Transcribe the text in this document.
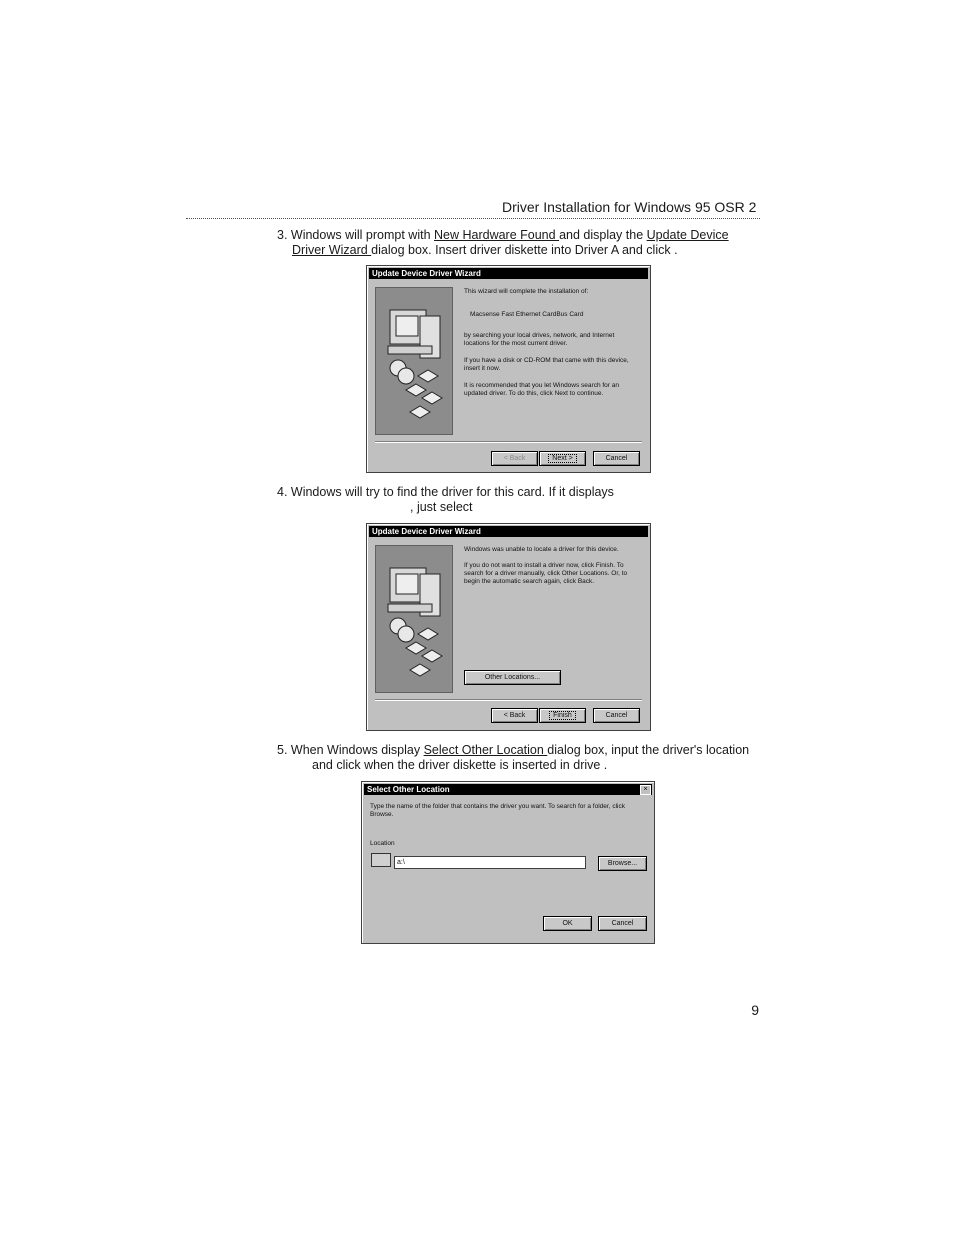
Driver Installation for Windows 95 OSR 2
3. Windows will prompt with New Hardware Found and display the Update Device
Driver Wizard dialog box. Insert driver diskette into Driver A and click .
Update Device Driver Wizard
This wizard will complete the installation of:
Macsense Fast Ethernet CardBus Card
by searching your local drives, network, and Internet
locations for the most current driver.
If you have a disk or CD-ROM that came with this device,
insert it now.
It is recommended that you let Windows search for an
updated driver. To do this, click Next to continue.
< Back	Next >	Cancel
4. Windows will try to find the driver for this card. If it displays
, just select
Update Device Driver Wizard
Windows was unable to locate a driver for this device.
If you do not want to install a driver now, click Finish. To
search for a driver manually, click Other Locations. Or, to
begin the automatic search again, click Back.
Other Locations...
< Back	Finish	Cancel
5. When Windows display Select Other Location dialog box, input the driver's location
and click when the driver diskette is inserted in drive .
Select Other Location	×
Type the name of the folder that contains the driver you want. To search for a folder, click
Browse.
Location
a:\	Browse...
OK	Cancel
9
